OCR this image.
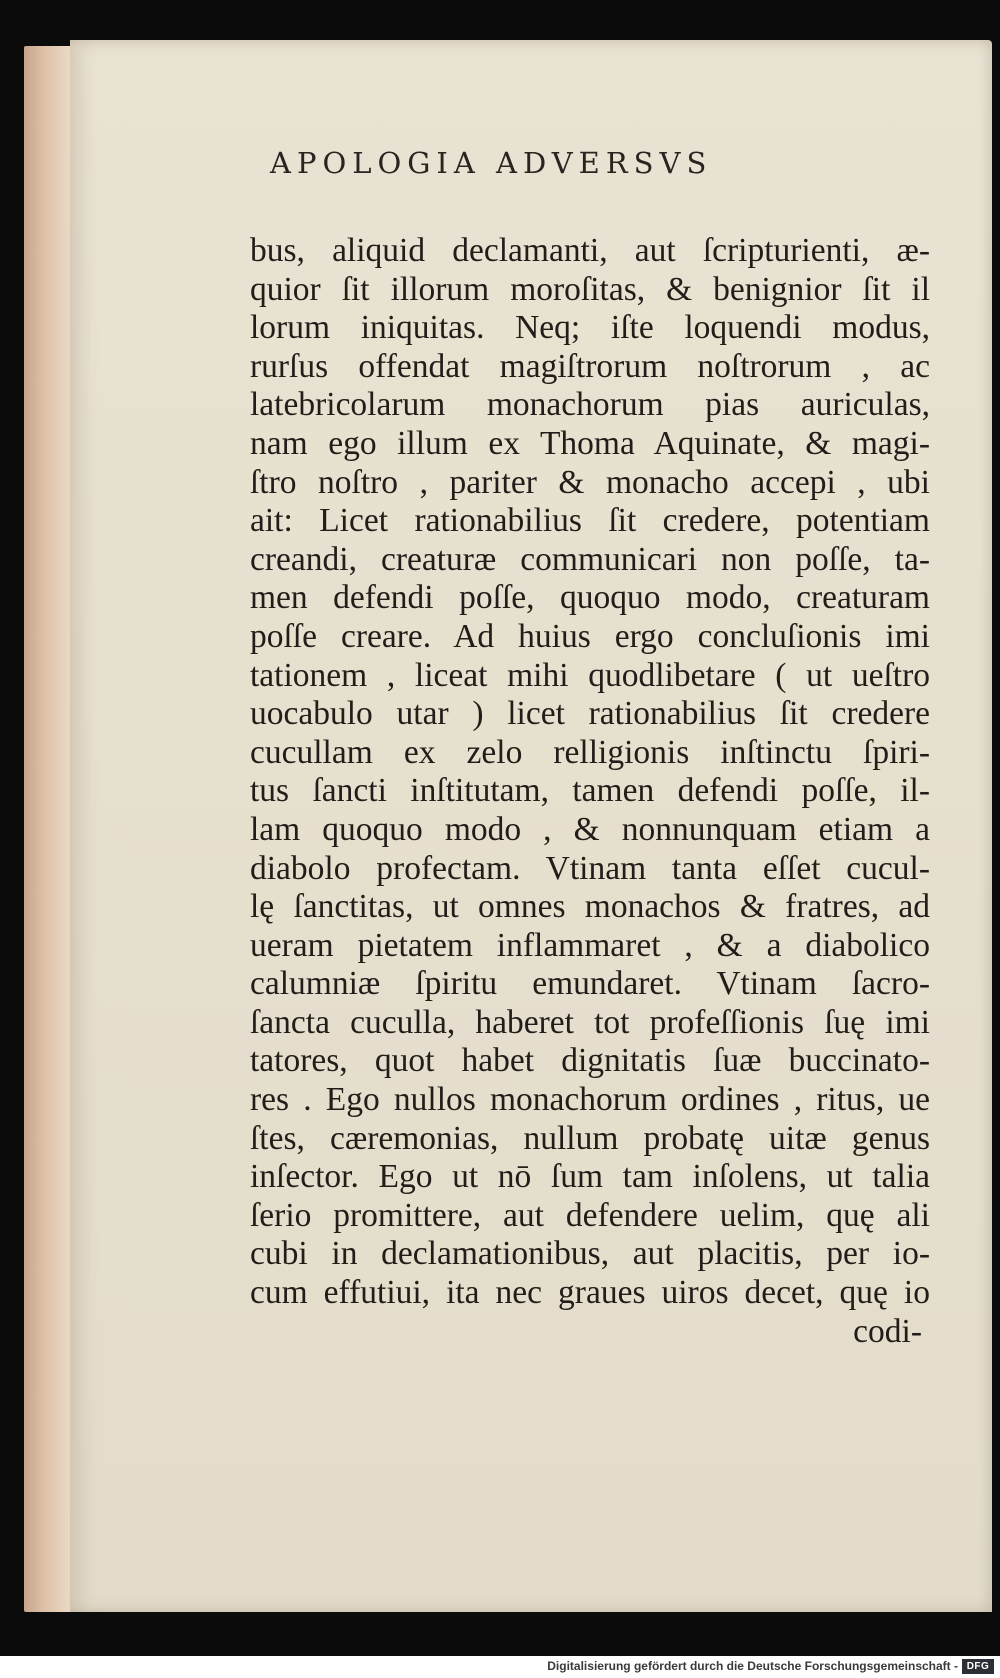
APOLOGIA ADVERSVS
bus, aliquid declamanti, aut ſcripturienti, æ-
quior ſit illorum moroſitas, & benignior ſit il
lorum iniquitas. Neq; iſte loquendi modus,
rurſus offendat magiſtrorum noſtrorum , ac
latebricolarum monachorum pias auriculas,
nam ego illum ex Thoma Aquinate, & magi-
ſtro noſtro , pariter & monacho accepi , ubi
ait: Licet rationabilius ſit credere, potentiam
creandi, creaturæ communicari non poſſe, ta-
men defendi poſſe, quoquo modo, creaturam
poſſe creare. Ad huius ergo concluſionis imi
tationem , liceat mihi quodlibetare ( ut ueſtro
uocabulo utar ) licet rationabilius ſit credere
cucullam ex zelo relligionis inſtinctu ſpiri-
tus ſancti inſtitutam, tamen defendi poſſe, il-
lam quoquo modo , & nonnunquam etiam a
diabolo profectam. Vtinam tanta eſſet cucul-
lę ſanctitas, ut omnes monachos & fratres, ad
ueram pietatem inflammaret , & a diabolico
calumniæ ſpiritu emundaret. Vtinam ſacro-
ſancta cuculla, haberet tot profeſſionis ſuę imi
tatores, quot habet dignitatis ſuæ buccinato-
res . Ego nullos monachorum ordines , ritus, ue
ſtes, cæremonias, nullum probatę uitæ genus
inſector. Ego ut nō ſum tam inſolens, ut talia
ſerio promittere, aut defendere uelim, quę ali
cubi in declamationibus, aut placitis, per io-
cum effutiui, ita nec graues uiros decet, quę io
codi-
Digitalisierung gefördert durch die Deutsche Forschungsgemeinschaft - DFG
